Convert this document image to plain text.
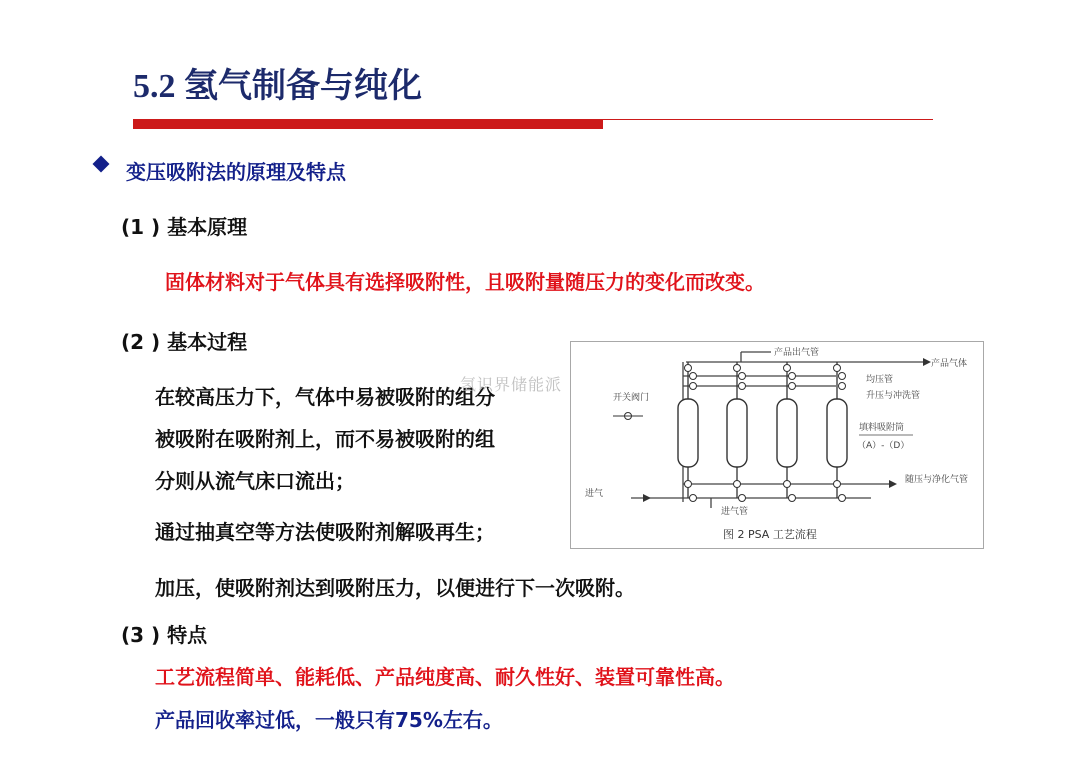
5.2 氢气制备与纯化
变压吸附法的原理及特点
(1 ) 基本原理
固体材料对于气体具有选择吸附性，且吸附量随压力的变化而改变。
(2 ) 基本过程
在较高压力下，气体中易被吸附的组分
被吸附在吸附剂上，而不易被吸附的组
分则从流气床口流出；
通过抽真空等方法使吸附剂解吸再生；
加压，使吸附剂达到吸附压力，以便进行下一次吸附。
(3 ) 特点
工艺流程简单、能耗低、产品纯度高、耐久性好、装置可靠性高。
产品回收率过低，一般只有75%左右。
产品出气管
产品气体
均压管
升压与冲洗管
开关阀门
填料吸附筒
（A）-（D）
进气
进气管
随压与净化气管
图 2 PSA 工艺流程
氢识界储能派
